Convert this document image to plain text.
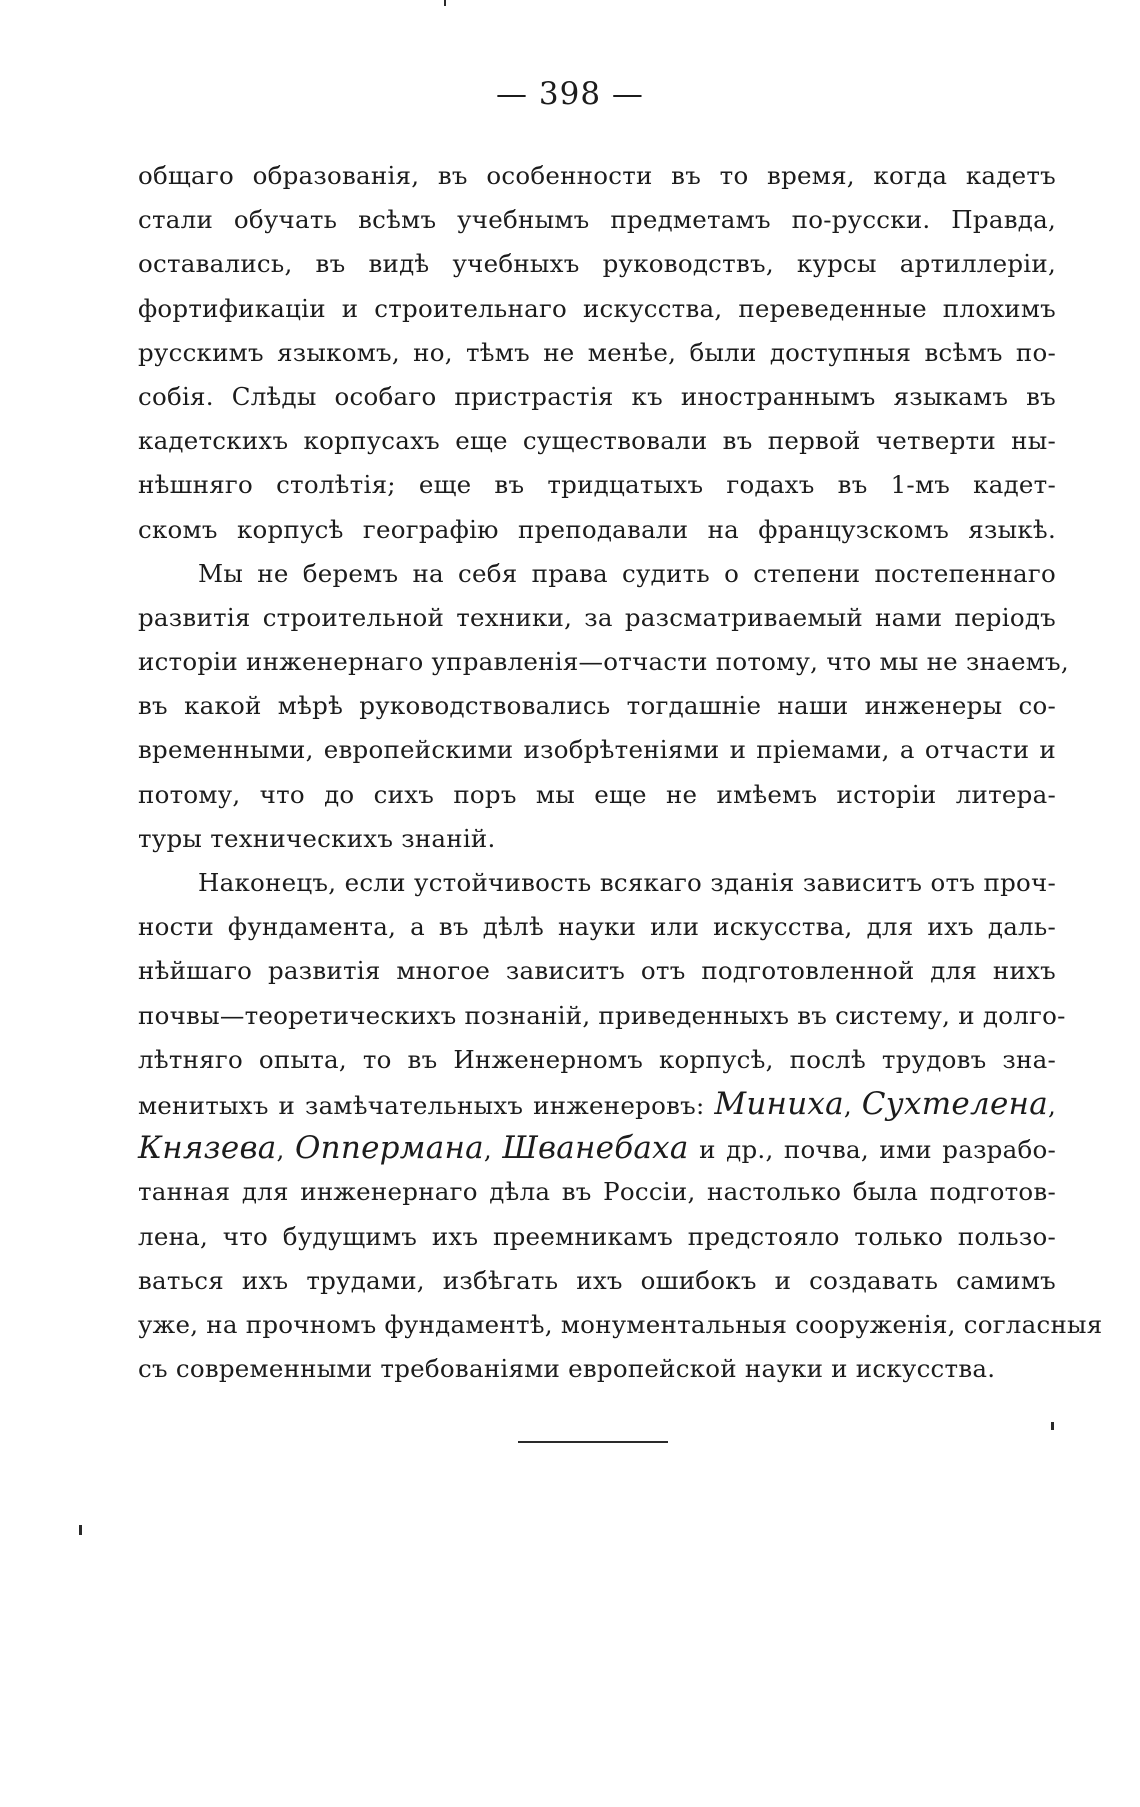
— 398 —
общаго образованія, въ особенности въ то время, когда кадетъ
стали обучать всѣмъ учебнымъ предметамъ по-русски. Правда,
оставались, въ видѣ учебныхъ руководствъ, курсы артиллеріи,
фортификаціи и строительнаго искусства, переведенные плохимъ
русскимъ языкомъ, но, тѣмъ не менѣе, были доступныя всѣмъ по-
собія. Слѣды особаго пристрастія къ иностраннымъ языкамъ въ
кадетскихъ корпусахъ еще существовали въ первой четверти ны-
нѣшняго столѣтія; еще въ тридцатыхъ годахъ въ 1-мъ кадет-
скомъ корпусѣ географію преподавали на французскомъ языкѣ.
Мы не беремъ на себя права судить о степени постепеннаго
развитія строительной техники, за разсматриваемый нами періодъ
исторіи инженернаго управленія—отчасти потому, что мы не знаемъ,
въ какой мѣрѣ руководствовались тогдашніе наши инженеры со-
временными, европейскими изобрѣтеніями и пріемами, а отчасти и
потому, что до сихъ поръ мы еще не имѣемъ исторіи литера-
туры техническихъ знаній.
Наконецъ, если устойчивость всякаго зданія зависитъ отъ проч-
ности фундамента, а въ дѣлѣ науки или искусства, для ихъ даль-
нѣйшаго развитія многое зависитъ отъ подготовленной для нихъ
почвы—теоретическихъ познаній, приведенныхъ въ систему, и долго-
лѣтняго опыта, то въ Инженерномъ корпусѣ, послѣ трудовъ зна-
менитыхъ и замѣчательныхъ инженеровъ: Миниха, Сухтелена,
Князева, Оппермана, Шванебаха и др., почва, ими разрабо-
танная для инженернаго дѣла въ Россіи, настолько была подготов-
лена, что будущимъ ихъ преемникамъ предстояло только пользо-
ваться ихъ трудами, избѣгать ихъ ошибокъ и создавать самимъ
уже, на прочномъ фундаментѣ, монументальныя сооруженія, согласныя
съ современными требованіями европейской науки и искусства.
